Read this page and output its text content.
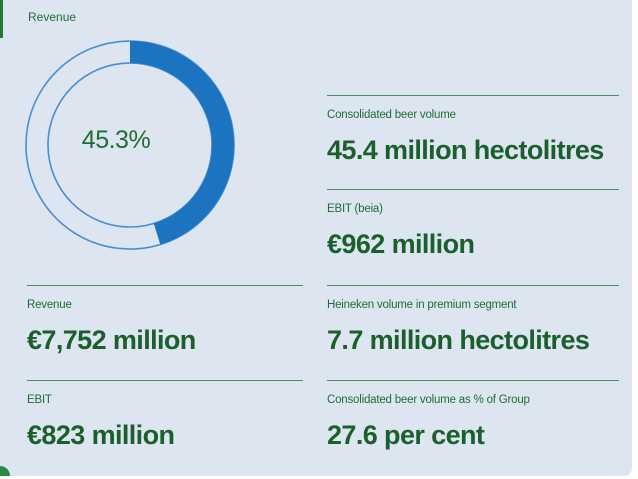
Revenue
45.3%
Consolidated beer volume
45.4 million hectolitres
EBIT (beia)
€962 million
Revenue
€7,752 million
Heineken volume in premium segment
7.7 million hectolitres
EBIT
€823 million
Consolidated beer volume as % of Group
27.6 per cent
